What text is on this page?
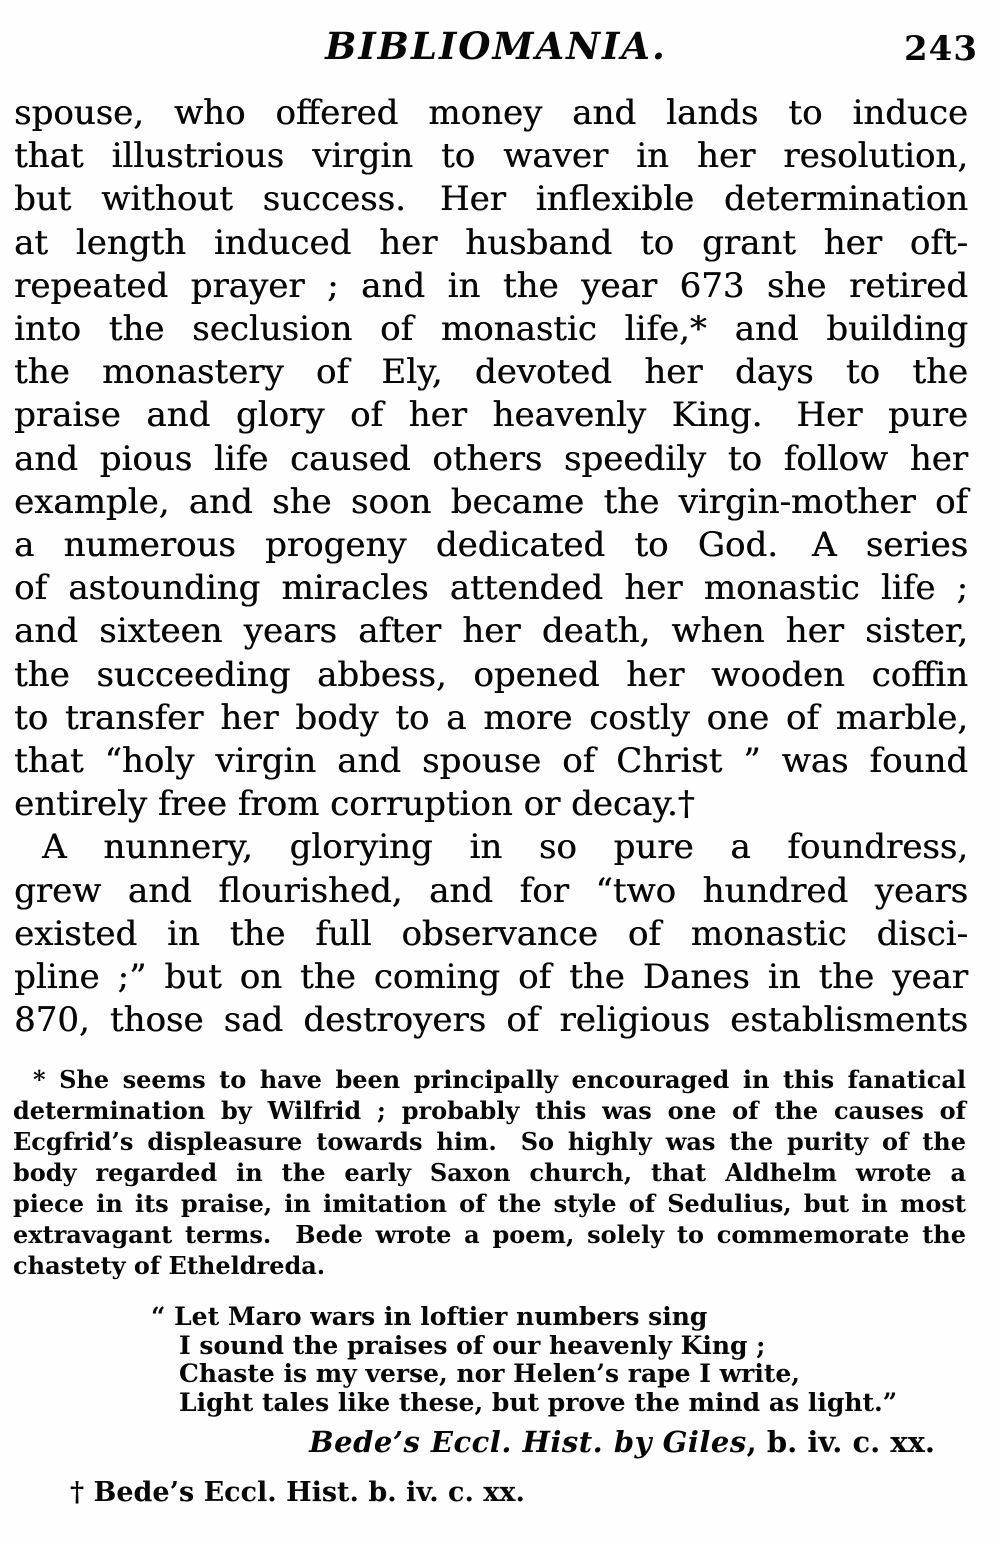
BIBLIOMANIA.	243
spouse, who offered money and lands to induce
that illustrious virgin to waver in her resolution,
but without success. Her inflexible determination
at length induced her husband to grant her oft-
repeated prayer ; and in the year 673 she retired
into the seclusion of monastic life,* and building
the monastery of Ely, devoted her days to the
praise and glory of her heavenly King. Her pure
and pious life caused others speedily to follow her
example, and she soon became the virgin-mother of
a numerous progeny dedicated to God. A series
of astounding miracles attended her monastic life ;
and sixteen years after her death, when her sister,
the succeeding abbess, opened her wooden coffin
to transfer her body to a more costly one of marble,
that “holy virgin and spouse of Christ ” was found
entirely free from corruption or decay.†
A nunnery, glorying in so pure a foundress,
grew and flourished, and for “two hundred years
existed in the full observance of monastic disci-
pline ;” but on the coming of the Danes in the year
870, those sad destroyers of religious establisments
* She seems to have been principally encouraged in this fanatical
determination by Wilfrid ; probably this was one of the causes of
Ecgfrid’s displeasure towards him. So highly was the purity of the
body regarded in the early Saxon church, that Aldhelm wrote a
piece in its praise, in imitation of the style of Sedulius, but in most
extravagant terms. Bede wrote a poem, solely to commemorate the
chastety of Etheldreda.
“ Let Maro wars in loftier numbers sing
I sound the praises of our heavenly King ;
Chaste is my verse, nor Helen’s rape I write,
Light tales like these, but prove the mind as light.”
Bede’s Eccl. Hist. by Giles, b. iv. c. xx.
† Bede’s Eccl. Hist. b. iv. c. xx.
